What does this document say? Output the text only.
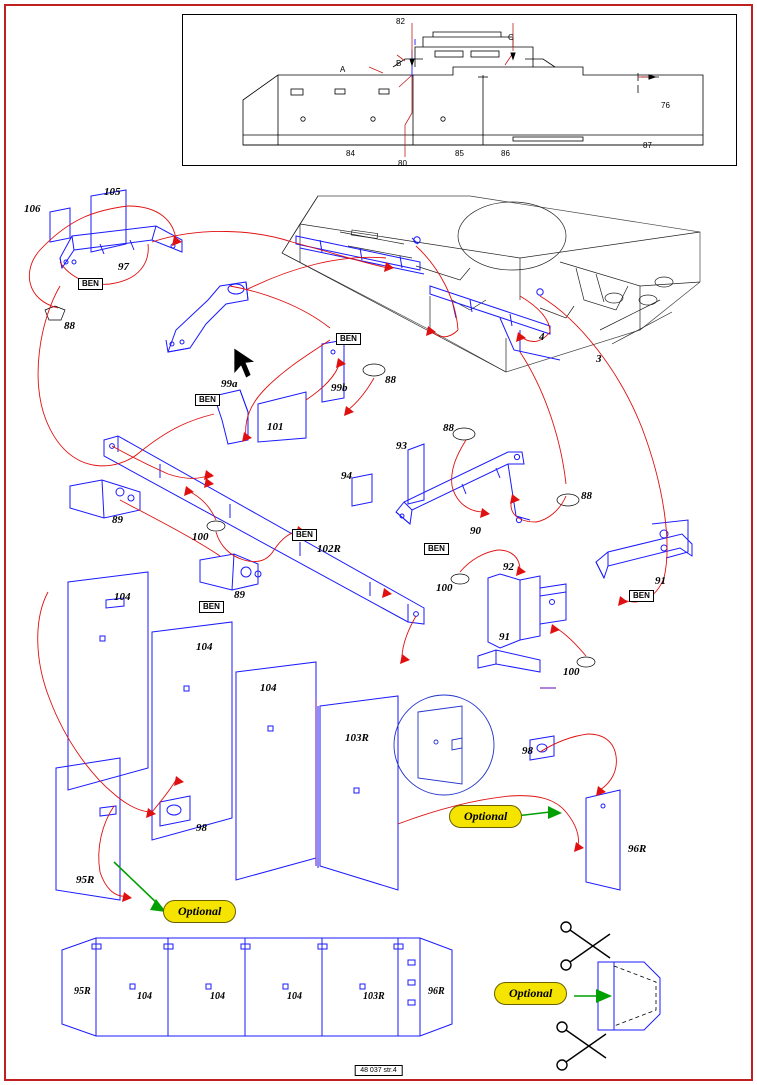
82
C
A
B
76
87
84
80
85	86
106
105
97
88
99a	99b
88
101
93
88
94
88
89
100
102R
90
92
91
89
100
91
100
104
104
104
103R
98
98
96R
95R
4
3
BEN
BEN
BEN
BEN
BEN
BEN
BEN
Optional
Optional
Optional
95R	104	104	104	103R	96R
48 037 str.4
